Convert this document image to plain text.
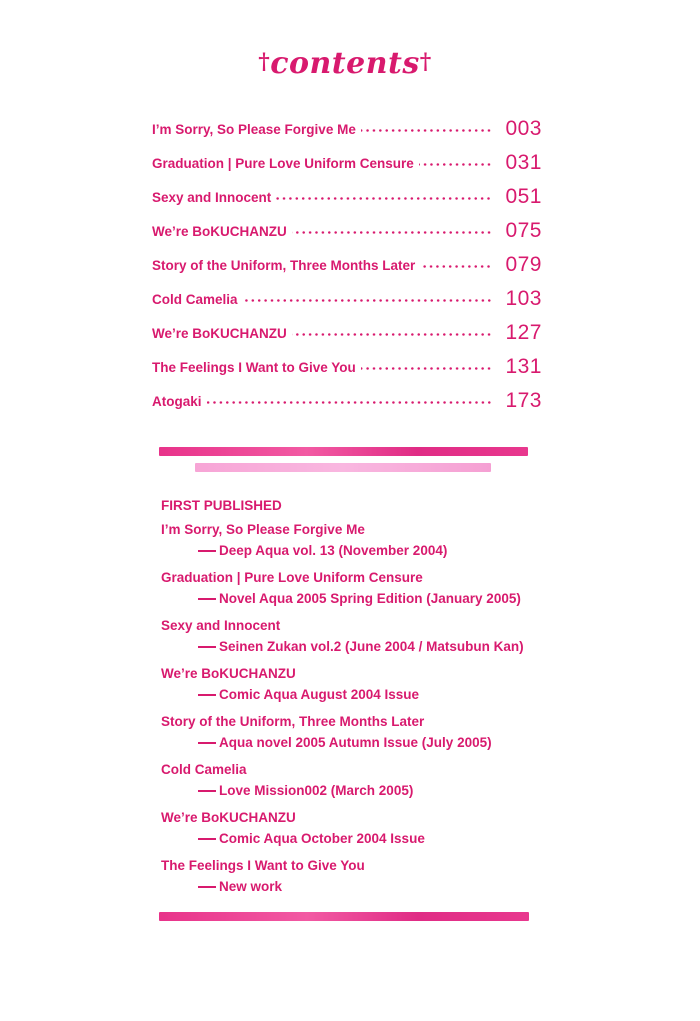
†contents†
I’m Sorry, So Please Forgive Me	003
Graduation | Pure Love Uniform Censure	031
Sexy and Innocent	051
We’re BoKUCHANZU	075
Story of the Uniform, Three Months Later	079
Cold Camelia	103
We’re BoKUCHANZU	127
The Feelings I Want to Give You	131
Atogaki	173
FIRST PUBLISHED
I’m Sorry, So Please Forgive Me
Deep Aqua vol. 13 (November 2004)
Graduation | Pure Love Uniform Censure
Novel Aqua 2005 Spring Edition (January 2005)
Sexy and Innocent
Seinen Zukan vol.2 (June 2004 / Matsubun Kan)
We’re BoKUCHANZU
Comic Aqua August 2004 Issue
Story of the Uniform, Three Months Later
Aqua novel 2005 Autumn Issue (July 2005)
Cold Camelia
Love Mission002 (March 2005)
We’re BoKUCHANZU
Comic Aqua October 2004 Issue
The Feelings I Want to Give You
New work
